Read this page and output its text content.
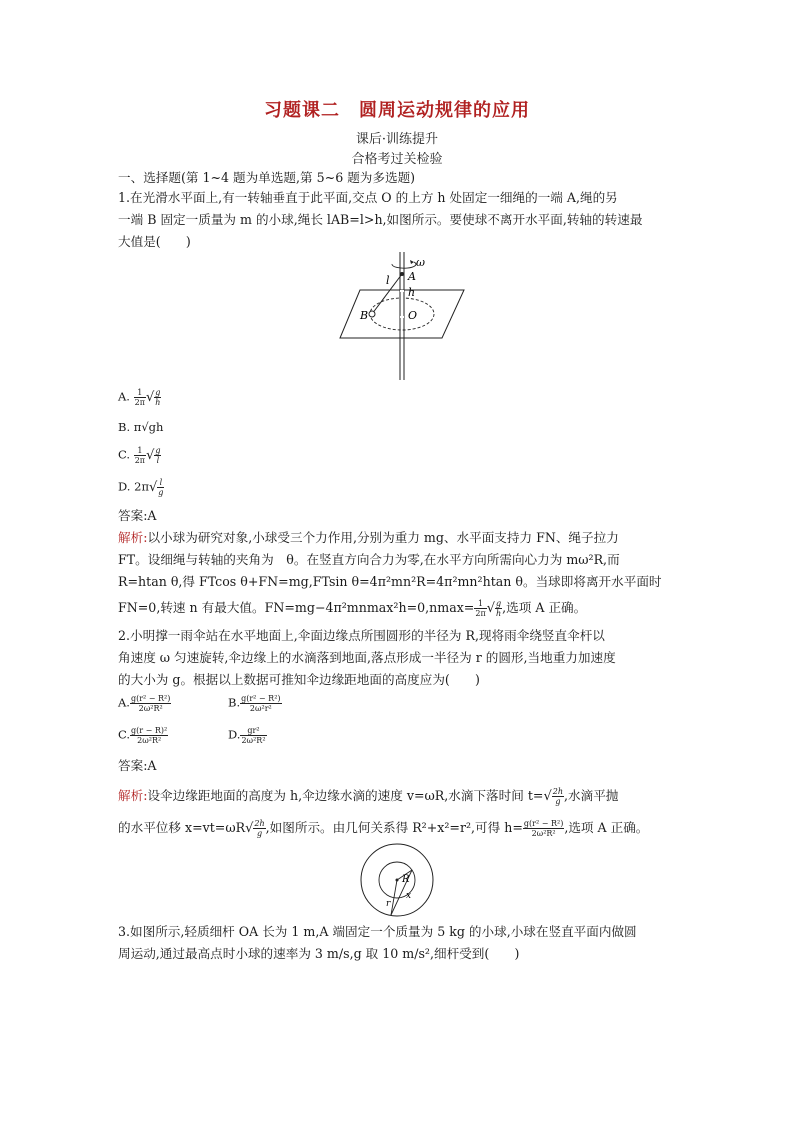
习题课二　圆周运动规律的应用
课后·训练提升
合格考过关检验
一、选择题(第 1~4 题为单选题,第 5~6 题为多选题)
1.在光滑水平面上,有一转轴垂直于此平面,交点 O 的上方 h 处固定一细绳的一端 A,绳的另
一端 B 固定一质量为 m 的小球,绳长 lAB=l>h,如图所示。要使球不离开水平面,转轴的转速最
大值是(　　)
ω
A
l
h
B	O
A. $\frac{1}{2\pi}$ √ $\frac{g}{h}$
B. π√gh
C. $\frac{1}{2\pi}$ √ $\frac{g}{l}$
D. $2\pi√ \frac{l}{g}$
答案:A
解析:以小球为研究对象,小球受三个力作用,分别为重力 mg、水平面支持力 FN、绳子拉力
FT。设细绳与转轴的夹角为　θ。在竖直方向合力为零,在水平方向所需向心力为 mω²R,而
R=htan θ,得 FTcos θ+FN=mg,FTsin θ=4π²mn²R=4π²mn²htan θ。当球即将离开水平面时
FN=0,转速 n 有最大值。$FN=mg-4\pi^2mnmax^2h=0,nmax= \frac{1}{2\pi}$ √ $\frac{g}{h}$ ,选项 A 正确。
2.小明撑一雨伞站在水平地面上,伞面边缘点所围圆形的半径为 R,现将雨伞绕竖直伞杆以
角速度 ω 匀速旋转,伞边缘上的水滴落到地面,落点形成一半径为 r 的圆形,当地重力加速度
的大小为 g。根据以上数据可推知伞边缘距地面的高度应为(　　)
A. $\frac{\text{g(r² − R²)}}{\text{2ω²R²}}$	B. $\frac{\text{g(r² − R²)}}{\text{2ω²r²}}$
C. $\frac{\text{g(r − R)²}}{\text{2ω²R²}}$	D. $\frac{\text{gr²}}{\text{2ω²R²}}$
答案:A
解析:设伞边缘距地面的高度为 h,伞边缘水滴的速度 v=ωR,水滴下落时间 $t=√ \frac{2h}{g}$ ,水滴平抛
的水平位移 $x=vt=\omega R√ \frac{2h}{g}$ ,如图所示。由几何关系得 R²+x²=r²,可得 $h= \frac{\text{g(r² − R²)}}{\text{2ω²R²}}$ ,选项 A 正确。
R
r
x
3.如图所示,轻质细杆 OA 长为 1 m,A 端固定一个质量为 5 kg 的小球,小球在竖直平面内做圆
周运动,通过最高点时小球的速率为 3 m/s,g 取 10 m/s²,细杆受到(　　)
